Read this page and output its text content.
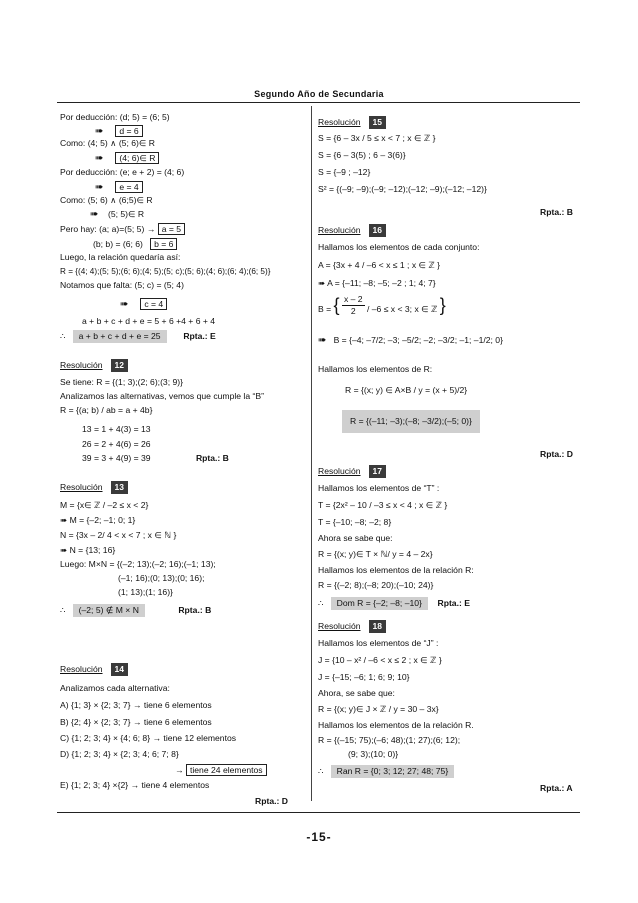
Segundo Año de Secundaria
Por deducción: (d; 5) = (6; 5)
➠ d = 6
Como: (4; 5) ∧ (5; 6)∈ R
➠ (4; 6)∈ R
Por deducción: (e; e + 2) = (4; 6)
➠ e = 4
Como: (5; 6) ∧ (6;5)∈ R
➠ (5; 5)∈ R
Pero hay: (a; a)=(5; 5) → a = 5
(b; b) = (6; 6) b = 6
Luego, la relación quedaría así:
R = {(4; 4);(5; 5);(6; 6);(4; 5);(5; c);(5; 6);(4; 6);(6; 4);(6; 5)}
Notamos que falta: (5; c) = (5; 4)
➠ c = 4
a + b + c + d + e = 5 + 6 +4 + 6 + 4
∴ a + b + c + d + e = 25	Rpta.: E
Resolución 12
Se tiene: R = {(1; 3);(2; 6);(3; 9)}
Analizamos las alternativas, vemos que cumple la “B”
R = {(a; b) / ab = a + 4b}
13 = 1 + 4(3) = 13
26 = 2 + 4(6) = 26
39 = 3 + 4(9) = 39	Rpta.: B
Resolución 13
M = {x∈ ℤ / –2 ≤ x < 2}
➠ M = {–2; –1; 0; 1}
N = {3x – 2/ 4 < x < 7 ; x ∈ ℕ }
➠ N = {13; 16}
Luego: M×N = {(–2; 13);(–2; 16);(–1; 13);
(–1; 16);(0; 13);(0; 16);
(1; 13);(1; 16)}
∴ (–2; 5) ∉ M × N	Rpta.: B
Resolución 14
Analizamos cada alternativa:
A) {1; 3} × {2; 3; 7} → tiene 6 elementos
B) {2; 4} × {2; 3; 7} → tiene 6 elementos
C) {1; 2; 3; 4} × {4; 6; 8} → tiene 12 elementos
D) {1; 2; 3; 4} × {2; 3; 4; 6; 7; 8}
→ tiene 24 elementos
E) {1; 2; 3; 4} ×{2} → tiene 4 elementos
Rpta.: D
Resolución 15
S = {6 – 3x / 5 ≤ x < 7 ; x ∈ ℤ }
S = {6 – 3(5) ; 6 – 3(6)}
S = {–9 ; –12}
S² = {(–9; –9);(–9; –12);(–12; –9);(–12; –12)}
Rpta.: B
Resolución 16
Hallamos los elementos de cada conjunto:
A = {3x + 4 / –6 < x ≤ 1 ; x ∈ ℤ }
➠ A = {–11; –8; –5; –2 ; 1; 4; 7}
B = { $\frac{x - 2}{2} / -6 \le x < 3$; x ∈ ℤ }
➠ B = {–4; –7/2; –3; –5/2; –2; –3/2; –1; –1/2; 0}
Hallamos los elementos de R:
R = {(x; y) ∈ A×B / y = (x + 5)/2}
R = {(–11; –3);(–8; –3/2);(–5; 0)}
Rpta.: D
Resolución 17
Hallamos los elementos de “T” :
T = {2x² – 10 / –3 ≤ x < 4 ; x ∈ ℤ }
T = {–10; –8; –2; 8}
Ahora se sabe que:
R = {(x; y)∈ T × ℕ/ y = 4 – 2x}
Hallamos los elementos de la relación R:
R = {(–2; 8);(–8; 20);(–10; 24)}
∴ Dom R = {–2; –8; –10} Rpta.: E
Resolución 18
Hallamos los elementos de “J” :
J = {10 – x² / –6 < x ≤ 2 ; x ∈ ℤ }
J = {–15; –6; 1; 6; 9; 10}
Ahora, se sabe que:
R = {(x; y)∈ J × ℤ / y = 30 – 3x}
Hallamos los elementos de la relación R.
R = {(–15; 75);(–6; 48);(1; 27);(6; 12);
(9; 3);(10; 0)}
∴ Ran R = {0; 3; 12; 27; 48; 75}
Rpta.: A
-15-
